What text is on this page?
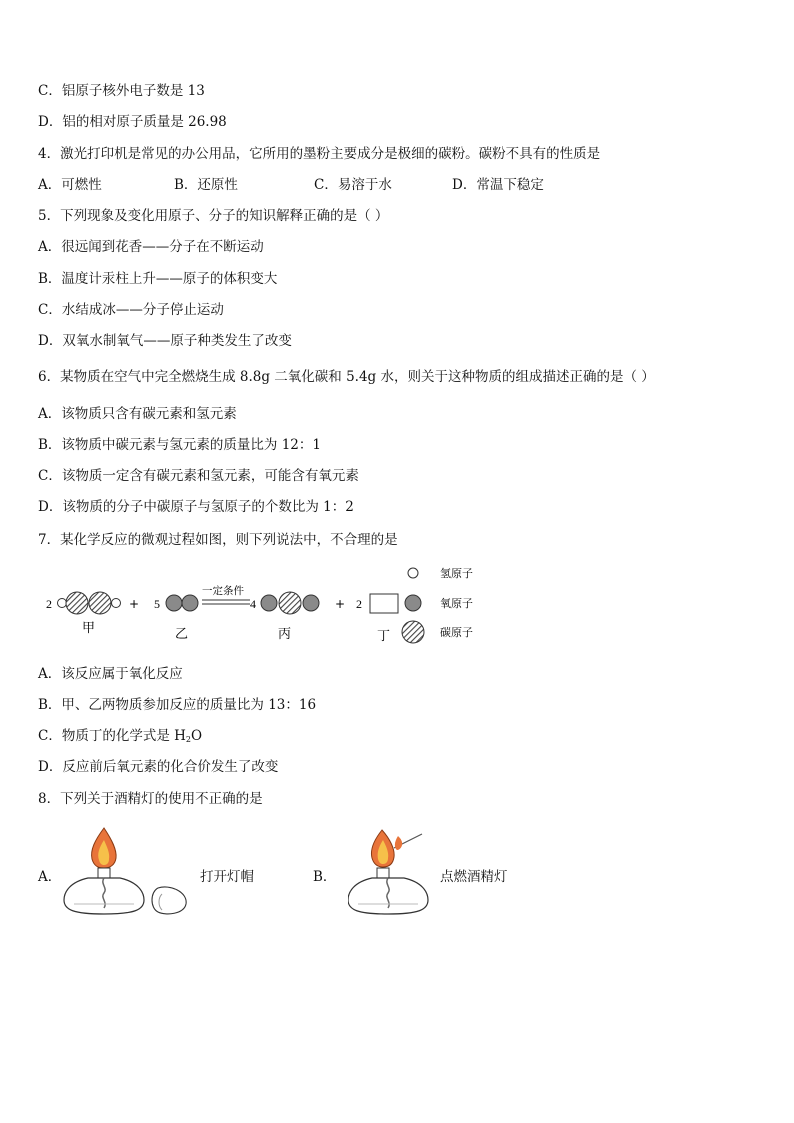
C．铝原子核外电子数是 13
D．铝的相对原子质量是 26.98
4．激光打印机是常见的办公用品，它所用的墨粉主要成分是极细的碳粉。碳粉不具有的性质是
A．可燃性	B．还原性	C．易溶于水	D．常温下稳定
5．下列现象及变化用原子、分子的知识解释正确的是（ ）
A．很远闻到花香——分子在不断运动
B．温度计汞柱上升——原子的体积变大
C．水结成冰——分子停止运动
D．双氧水制氧气——原子种类发生了改变
6．某物质在空气中完全燃烧生成 8.8g 二氧化碳和 5.4g 水，则关于这种物质的组成描述正确的是（ ）
A．该物质只含有碳元素和氢元素
B．该物质中碳元素与氢元素的质量比为 12：1
C．该物质一定含有碳元素和氢元素，可能含有氧元素
D．该物质的分子中碳原子与氢原子的个数比为 1：2
7．某化学反应的微观过程如图，则下列说法中，不合理的是
2
甲
+ 5
乙
一定条件
4
丙
+ 2
丁
氢原子
氧原子
碳原子
A．该反应属于氧化反应
B．甲、乙两物质参加反应的质量比为 13：16
C．物质丁的化学式是 $H_2O$
D．反应前后氧元素的化合价发生了改变
8．下列关于酒精灯的使用不正确的是
A．	打开灯帽	B．	点燃酒精灯
